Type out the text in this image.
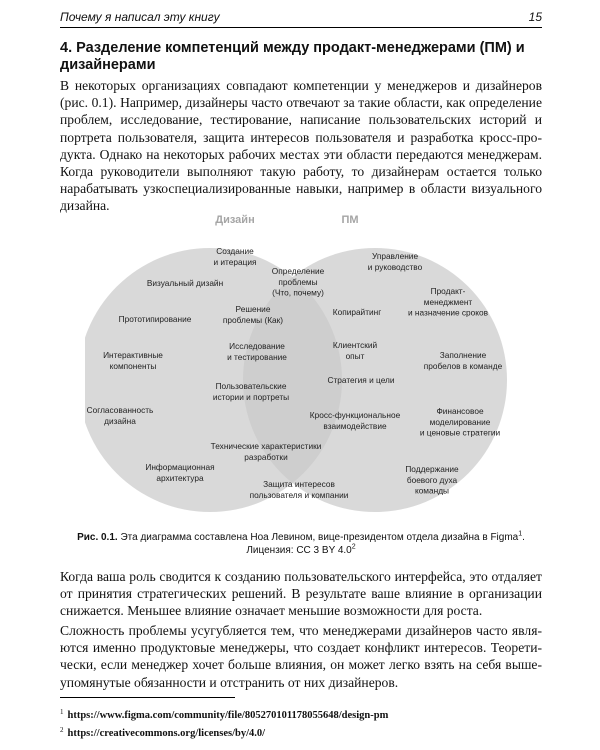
Почему я написал эту книгу	15
4. Разделение компетенций между продакт-менеджерами (ПМ) и дизайнерами

В некоторых организациях совпадают компетенции у менеджеров и дизайнеров (рис. 0.1). Например, дизайнеры часто отвечают за такие области, как определение проблем, исследование, тестирование, написание пользовательских историй и портрета пользователя, защита интересов пользователя и разработка кросс-продукта. Однако на некоторых рабочих местах эти области передаются менеджерам. Когда руководители выполняют такую работу, то дизайнерам остается только нарабатывать узкоспециализированные навыки, например в области визуального дизайна.

Дизайн	ПМ
Создание и итерация
Визуальный дизайн
Прототипирование
Интерактивные компоненты
Согласованность дизайна
Информационная архитектура
Определение проблемы (Что, почему)
Решение проблемы (Как)
Копирайтинг
Исследование и тестирование
Клиентский опыт
Стратегия и цели
Пользовательские истории и портреты
Кросс-функциональное взаимодействие
Технические характеристики разработки
Защита интересов пользователя и компании
Управление и руководство
Продакт-менеджмент и назначение сроков
Заполнение пробелов в команде
Финансовое моделирование и ценовые стратегии
Поддержание боевого духа команды
Рис. 0.1. Эта диаграмма составлена Ноа Левином, вице-президентом отдела дизайна в Figma$^1$.
Лицензия: CC 3 BY $4.0^2$

Когда ваша роль сводится к созданию пользовательского интерфейса, это отдаляет от принятия стратегических решений. В результате ваше влияние в организации снижается. Меньшее влияние означает меньшие возможности для роста.

Сложность проблемы усугубляется тем, что менеджерами дизайнеров часто являются именно продуктовые менеджеры, что создает конфликт интересов. Теоретически, если менеджер хочет больше влияния, он может легко взять на себя вышеупомянутые обязанности и отстранить от них дизайнеров.

$^1$ https://www.figma.com/community/file/805270101178055648/design-pm
$^2$ https://creativecommons.org/licenses/by/4.0/
